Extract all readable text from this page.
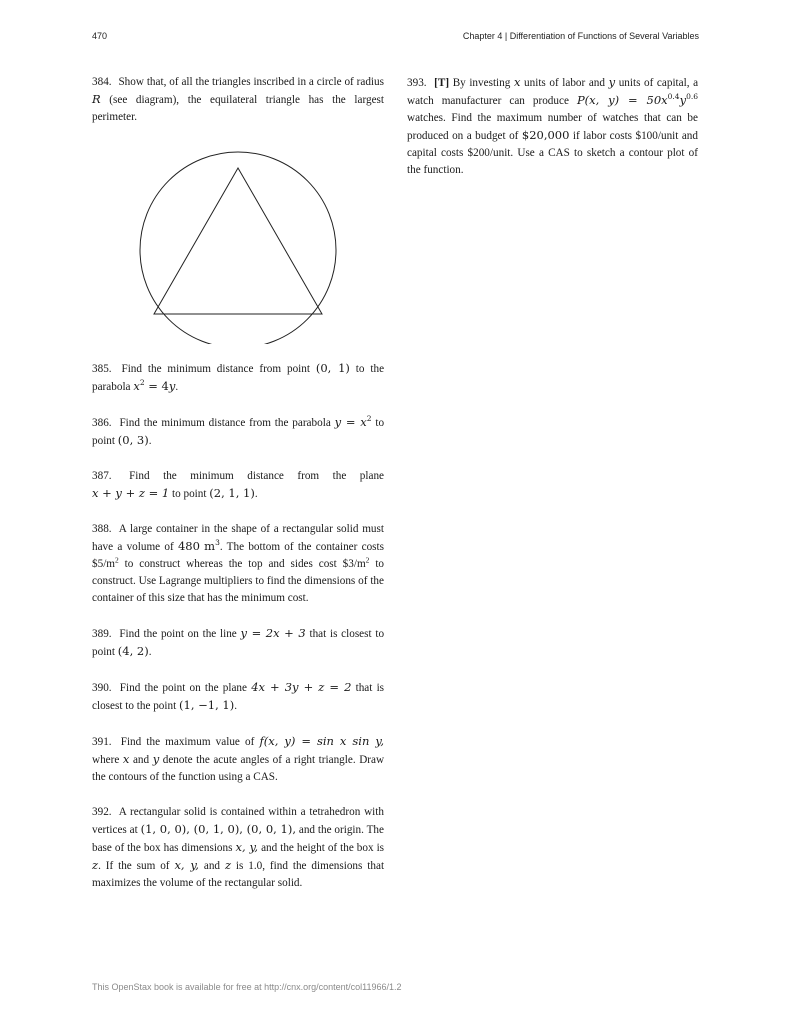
470	Chapter 4 | Differentiation of Functions of Several Variables

384. Show that, of all the triangles inscribed in a circle of radius R (see diagram), the equilateral triangle has the largest perimeter.

385. Find the minimum distance from point (0, 1) to the parabola $x^2 = 4y$.

386. Find the minimum distance from the parabola $y = x^2$ to point (0, 3).

387. Find the minimum distance from the plane x + y + z = 1 to point (2, 1, 1).

388. A large container in the shape of a rectangular solid must have a volume of 480 $m^3$. The bottom of the container costs $\$5/m^2$ to construct whereas the top and sides cost $\$3/m^2$ to construct. Use Lagrange multipliers to find the dimensions of the container of this size that has the minimum cost.

389. Find the point on the line y = 2x + 3 that is closest to point (4, 2).

390. Find the point on the plane 4x + 3y + z = 2 that is closest to the point (1, −1, 1).

391. Find the maximum value of f(x, y) = sin x sin y, where x and y denote the acute angles of a right triangle. Draw the contours of the function using a CAS.

392. A rectangular solid is contained within a tetrahedron with vertices at (1, 0, 0), (0, 1, 0), (0, 0, 1), and the origin. The base of the box has dimensions x, y, and the height of the box is z. If the sum of x, y, and z is 1.0, find the dimensions that maximizes the volume of the rectangular solid.

393. [T] By investing x units of labor and y units of capital, a watch manufacturer can produce P(x, $y) = 50x^{0.4}y^{0.6}$ watches. Find the maximum number of watches that can be produced on a budget of $20,000 if labor costs $100/unit and capital costs $200/unit. Use a CAS to sketch a contour plot of the function.

This OpenStax book is available for free at http://cnx.org/content/col11966/1.2
